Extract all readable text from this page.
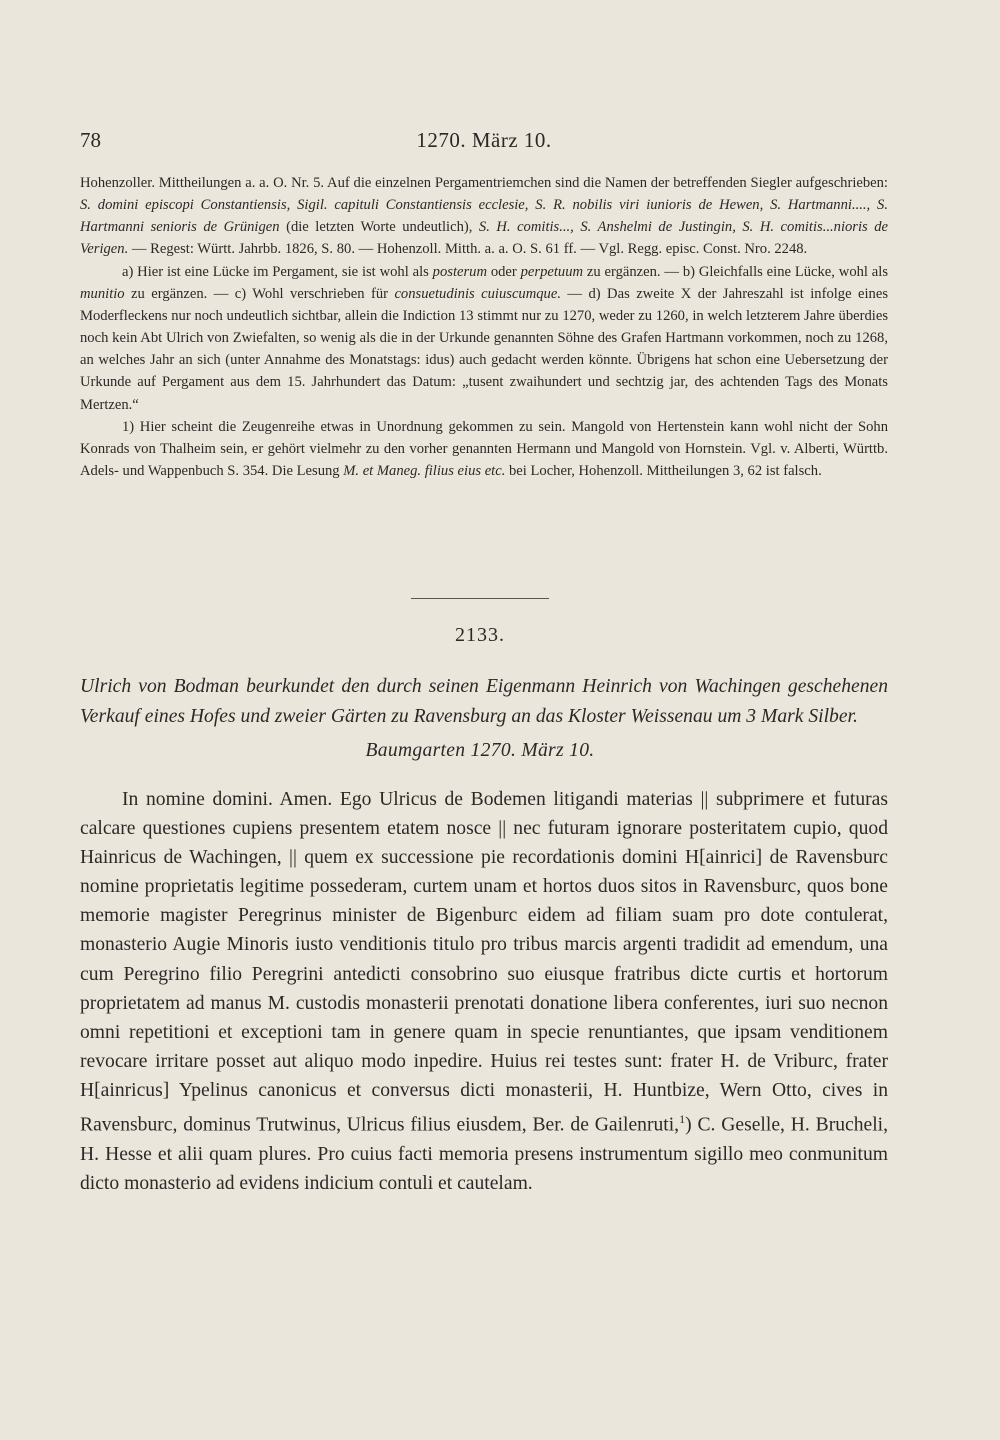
78	1270. März 10.

Hohenzoller. Mittheilungen a. a. O. Nr. 5. Auf die einzelnen Pergamentriemchen sind die Namen der betreffenden Siegler aufgeschrieben: S. domini episcopi Constantiensis, Sigil. capituli Constantiensis ecclesie, S. R. nobilis viri iunioris de Hewen, S. Hartmanni...., S. Hartmanni senioris de Grünigen (die letzten Worte undeutlich), S. H. comitis..., S. Anshelmi de Justingin, S. H. comitis...nioris de Verigen. — Regest: Württ. Jahrbb. 1826, S. 80. — Hohenzoll. Mitth. a. a. O. S. 61 ff. — Vgl. Regg. episc. Const. Nro. 2248.

a) Hier ist eine Lücke im Pergament, sie ist wohl als posterum oder perpetuum zu ergänzen. — b) Gleichfalls eine Lücke, wohl als munitio zu ergänzen. — c) Wohl verschrieben für consuetudinis cuiuscumque. — d) Das zweite X der Jahreszahl ist infolge eines Moderfleckens nur noch undeutlich sichtbar, allein die Indiction 13 stimmt nur zu 1270, weder zu 1260, in welch letzterem Jahre überdies noch kein Abt Ulrich von Zwiefalten, so wenig als die in der Urkunde genannten Söhne des Grafen Hartmann vorkommen, noch zu 1268, an welches Jahr an sich (unter Annahme des Monatstags: idus) auch gedacht werden könnte. Übrigens hat schon eine Uebersetzung der Urkunde auf Pergament aus dem 15. Jahrhundert das Datum: „tusent zwaihundert und sechtzig jar, des achtenden Tags des Monats Mertzen.“

1) Hier scheint die Zeugenreihe etwas in Unordnung gekommen zu sein. Mangold von Hertenstein kann wohl nicht der Sohn Konrads von Thalheim sein, er gehört vielmehr zu den vorher genannten Hermann und Mangold von Hornstein. Vgl. v. Alberti, Württb. Adels- und Wappenbuch S. 354. Die Lesung M. et Maneg. filius eius etc. bei Locher, Hohenzoll. Mittheilungen 3, 62 ist falsch.

2133.

Ulrich von Bodman beurkundet den durch seinen Eigenmann Heinrich von Wachingen geschehenen Verkauf eines Hofes und zweier Gärten zu Ravensburg an das Kloster Weissenau um 3 Mark Silber.

Baumgarten 1270. März 10.

In nomine domini. Amen. Ego Ulricus de Bodemen litigandi materias || subprimere et futuras calcare questiones cupiens presentem etatem nosce || nec futuram ignorare posteritatem cupio, quod Hainricus de Wachingen, || quem ex successione pie recordationis domini H[ainrici] de Ravensburc nomine proprietatis legitime possederam, curtem unam et hortos duos sitos in Ravensburc, quos bone memorie magister Peregrinus minister de Bigenburc eidem ad filiam suam pro dote contulerat, monasterio Augie Minoris iusto venditionis titulo pro tribus marcis argenti tradidit ad emendum, una cum Peregrino filio Peregrini antedicti consobrino suo eiusque fratribus dicte curtis et hortorum proprietatem ad manus M. custodis monasterii prenotati donatione libera conferentes, iuri suo necnon omni repetitioni et exceptioni tam in genere quam in specie renuntiantes, que ipsam venditionem revocare irritare posset aut aliquo modo inpedire. Huius rei testes sunt: frater H. de Vriburc, frater H[ainricus] Ypelinus canonicus et conversus dicti monasterii, H. Huntbize, Wern Otto, cives in Ravensburc, dominus Trutwinus, Ulricus filius eiusdem, Ber. de Gailenruti,$^1$) C. Geselle, H. Brucheli, H. Hesse et alii quam plures. Pro cuius facti memoria presens instrumentum sigillo meo conmunitum dicto monasterio ad evidens indicium contuli et cautelam.
